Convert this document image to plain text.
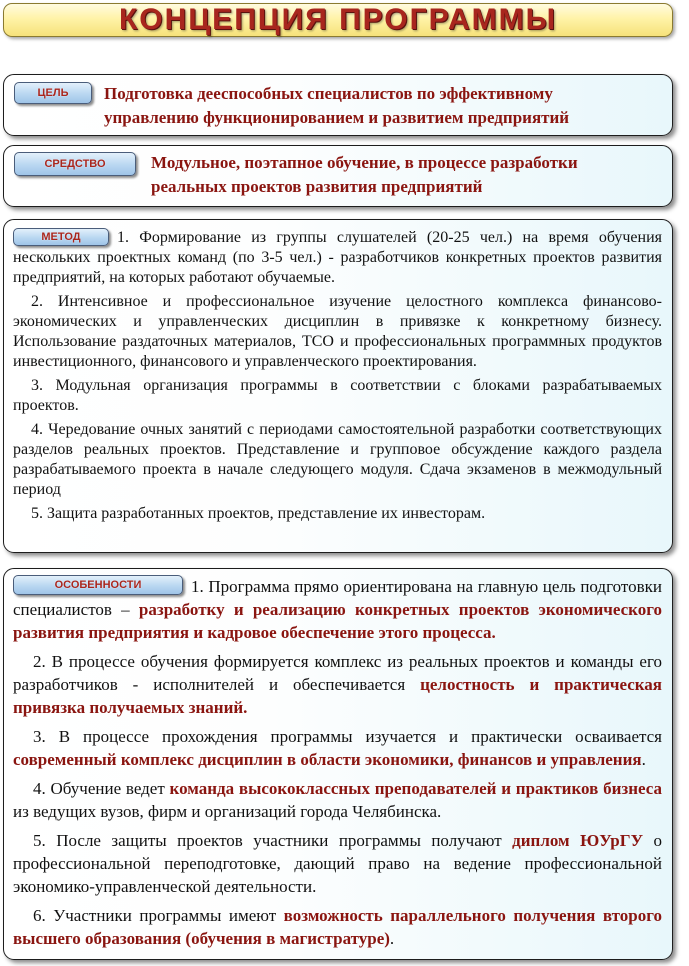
КОНЦЕПЦИЯ ПРОГРАММЫ
ЦЕЛЬ	Подготовка дееспособных специалистов по эффективному
управлению функционированием и развитием предприятий
СРЕДСТВО	Модульное, поэтапное обучение, в процессе разработки
реальных проектов развития предприятий

МЕТОД	1. Формирование из группы слушателей (20-25 чел.) на время обучения нескольких проектных команд (по 3-5 чел.) - разработчиков конкретных проектов развития предприятий, на которых работают обучаемые.

2. Интенсивное и профессиональное изучение целостного комплекса финансово-экономических и управленческих дисциплин в привязке к конкретному бизнесу. Использование раздаточных материалов, ТСО и профессиональных программных продуктов инвестиционного, финансового и управленческого проектирования.

3. Модульная организация программы в соответствии с блоками разрабатываемых проектов.

4. Чередование очных занятий с периодами самостоятельной разработки соответствующих разделов реальных проектов. Представление и групповое обсуждение каждого раздела разрабатываемого проекта в начале следующего модуля. Сдача экзаменов в межмодульный период

5. Защита разработанных проектов, представление их инвесторам.

ОСОБЕННОСТИ	1. Программа прямо ориентирована на главную цель подготовки специалистов – разработку и реализацию конкретных проектов экономического развития предприятия и кадровое обеспечение этого процесса.

2. В процессе обучения формируется комплекс из реальных проектов и команды его разработчиков - исполнителей и обеспечивается целостность и практическая привязка получаемых знаний.

3. В процессе прохождения программы изучается и практически осваивается современный комплекс дисциплин в области экономики, финансов и управления.

4. Обучение ведет команда высококлассных преподавателей и практиков бизнеса из ведущих вузов, фирм и организаций города Челябинска.

5. После защиты проектов участники программы получают диплом ЮУрГУ о профессиональной переподготовке, дающий право на ведение профессиональной экономико-управленческой деятельности.

6. Участники программы имеют возможность параллельного получения второго высшего образования (обучения в магистратуре).
